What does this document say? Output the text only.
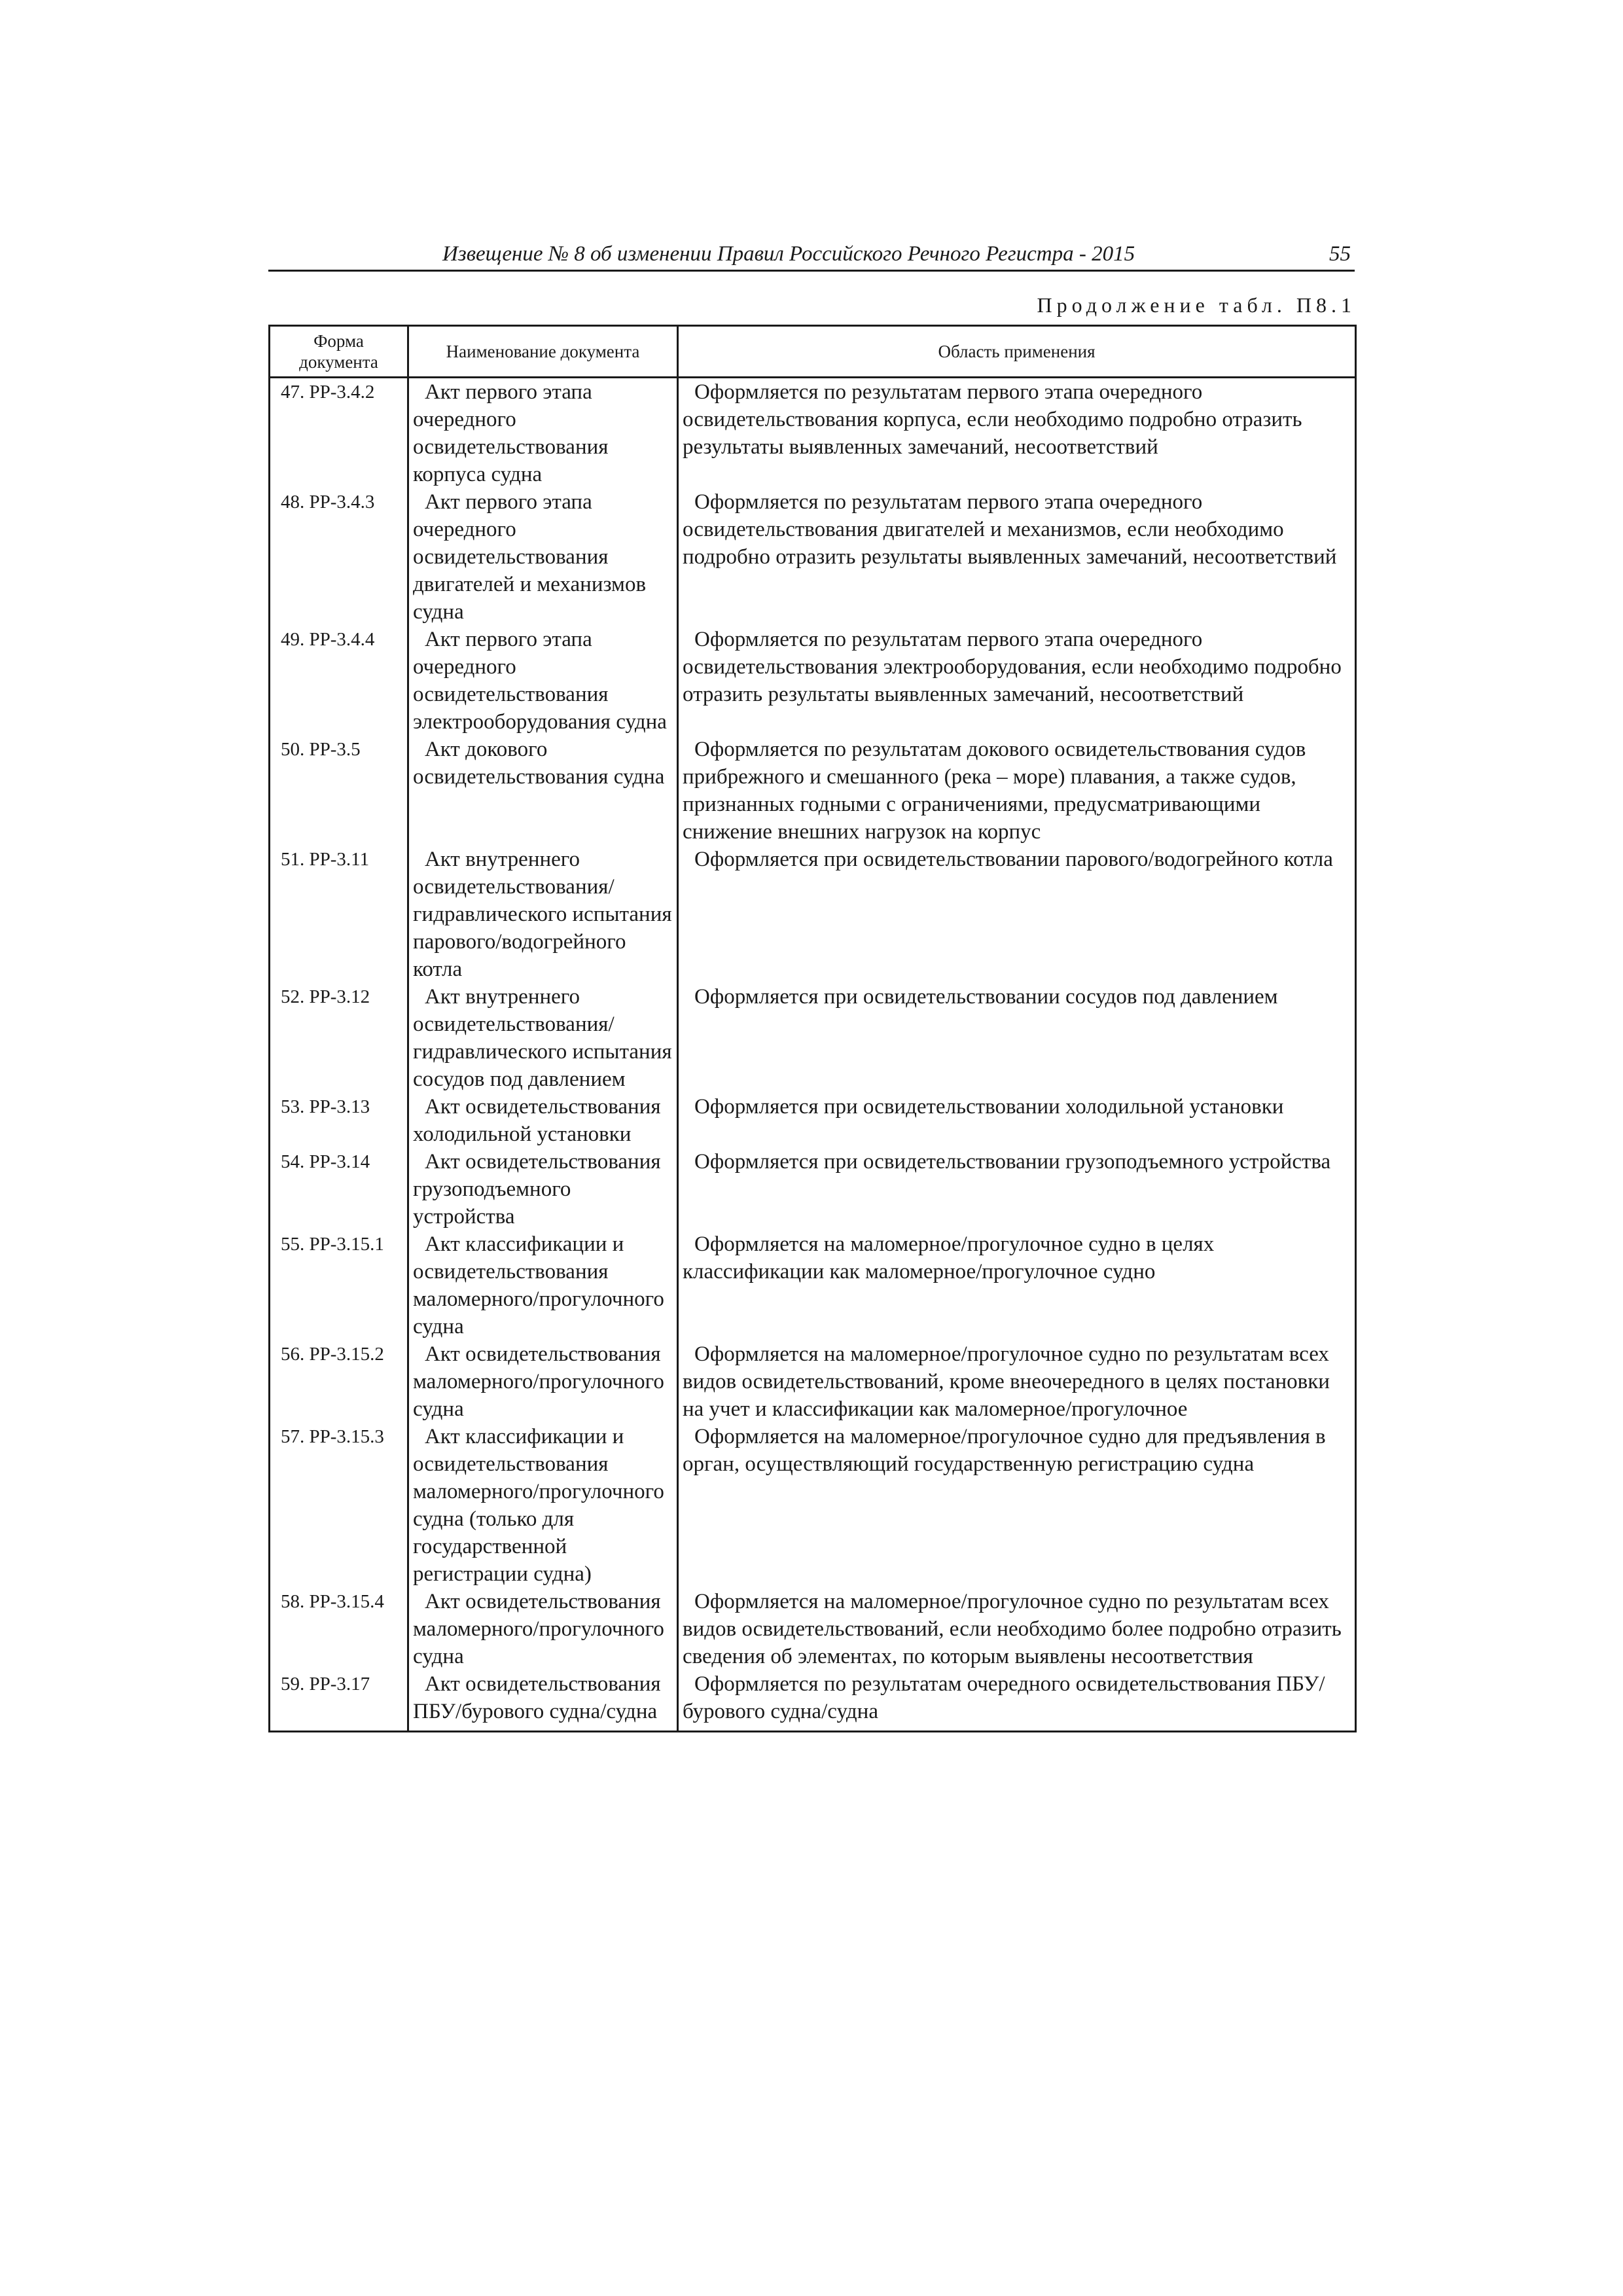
Извещение № 8 об изменении Правил Российского Речного Регистра - 2015	55
Продолжение табл. П8.1
Форма документа	Наименование документа	Область применения
47. РР-3.4.2	Акт первого этапа очередного освидетельствования корпуса судна	Оформляется по результатам первого этапа очередного освидетельствования корпуса, если необходимо подробно отразить результаты выявленных замечаний, несоответствий
48. РР-3.4.3	Акт первого этапа очередного освидетельствования двигателей и механизмов судна	Оформляется по результатам первого этапа очередного освидетельствования двигателей и механизмов, если необходимо подробно отразить результаты выявленных замечаний, несоответствий
49. РР-3.4.4	Акт первого этапа очередного освидетельствования электрооборудования судна	Оформляется по результатам первого этапа очередного освидетельствования электрооборудования, если необходимо подробно отразить результаты выявленных замечаний, несоответствий
50. РР-3.5	Акт докового освидетельствования судна	Оформляется по результатам докового освидетельствования судов прибрежного и смешанного (река – море) плавания, а также судов, признанных годными с ограничениями, предусматривающими снижение внешних нагрузок на корпус
51. РР-3.11	Акт внутреннего освидетельствования/ гидравлического испытания парового/водогрейного котла	Оформляется при освидетельствовании парового/водогрейного котла
52. РР-3.12	Акт внутреннего освидетельствования/ гидравлического испытания сосудов под давлением	Оформляется при освидетельствовании сосудов под давлением
53. РР-3.13	Акт освидетельствования холодильной установки	Оформляется при освидетельствовании холодильной установки
54. РР-3.14	Акт освидетельствования грузоподъемного устройства	Оформляется при освидетельствовании грузоподъемного устройства
55. РР-3.15.1	Акт классификации и освидетельствования маломерного/прогулочного судна	Оформляется на маломерное/прогулочное судно в целях классификации как маломерное/прогулочное судно
56. РР-3.15.2	Акт освидетельствования маломерного/прогулочного судна	Оформляется на маломерное/прогулочное судно по результатам всех видов освидетельствований, кроме внеочередного в целях постановки на учет и классификации как маломерное/прогулочное
57. РР-3.15.3	Акт классификации и освидетельствования маломерного/прогулочного судна (только для государственной регистрации судна)	Оформляется на маломерное/прогулочное судно для предъявления в орган, осуществляющий государственную регистрацию судна
58. РР-3.15.4	Акт освидетельствования маломерного/прогулочного судна	Оформляется на маломерное/прогулочное судно по результатам всех видов освидетельствований, если необходимо более подробно отразить сведения об элементах, по которым выявлены несоответствия
59. РР-3.17	Акт освидетельствования ПБУ/бурового судна/судна	Оформляется по результатам очередного освидетельствования ПБУ/бурового судна/судна
